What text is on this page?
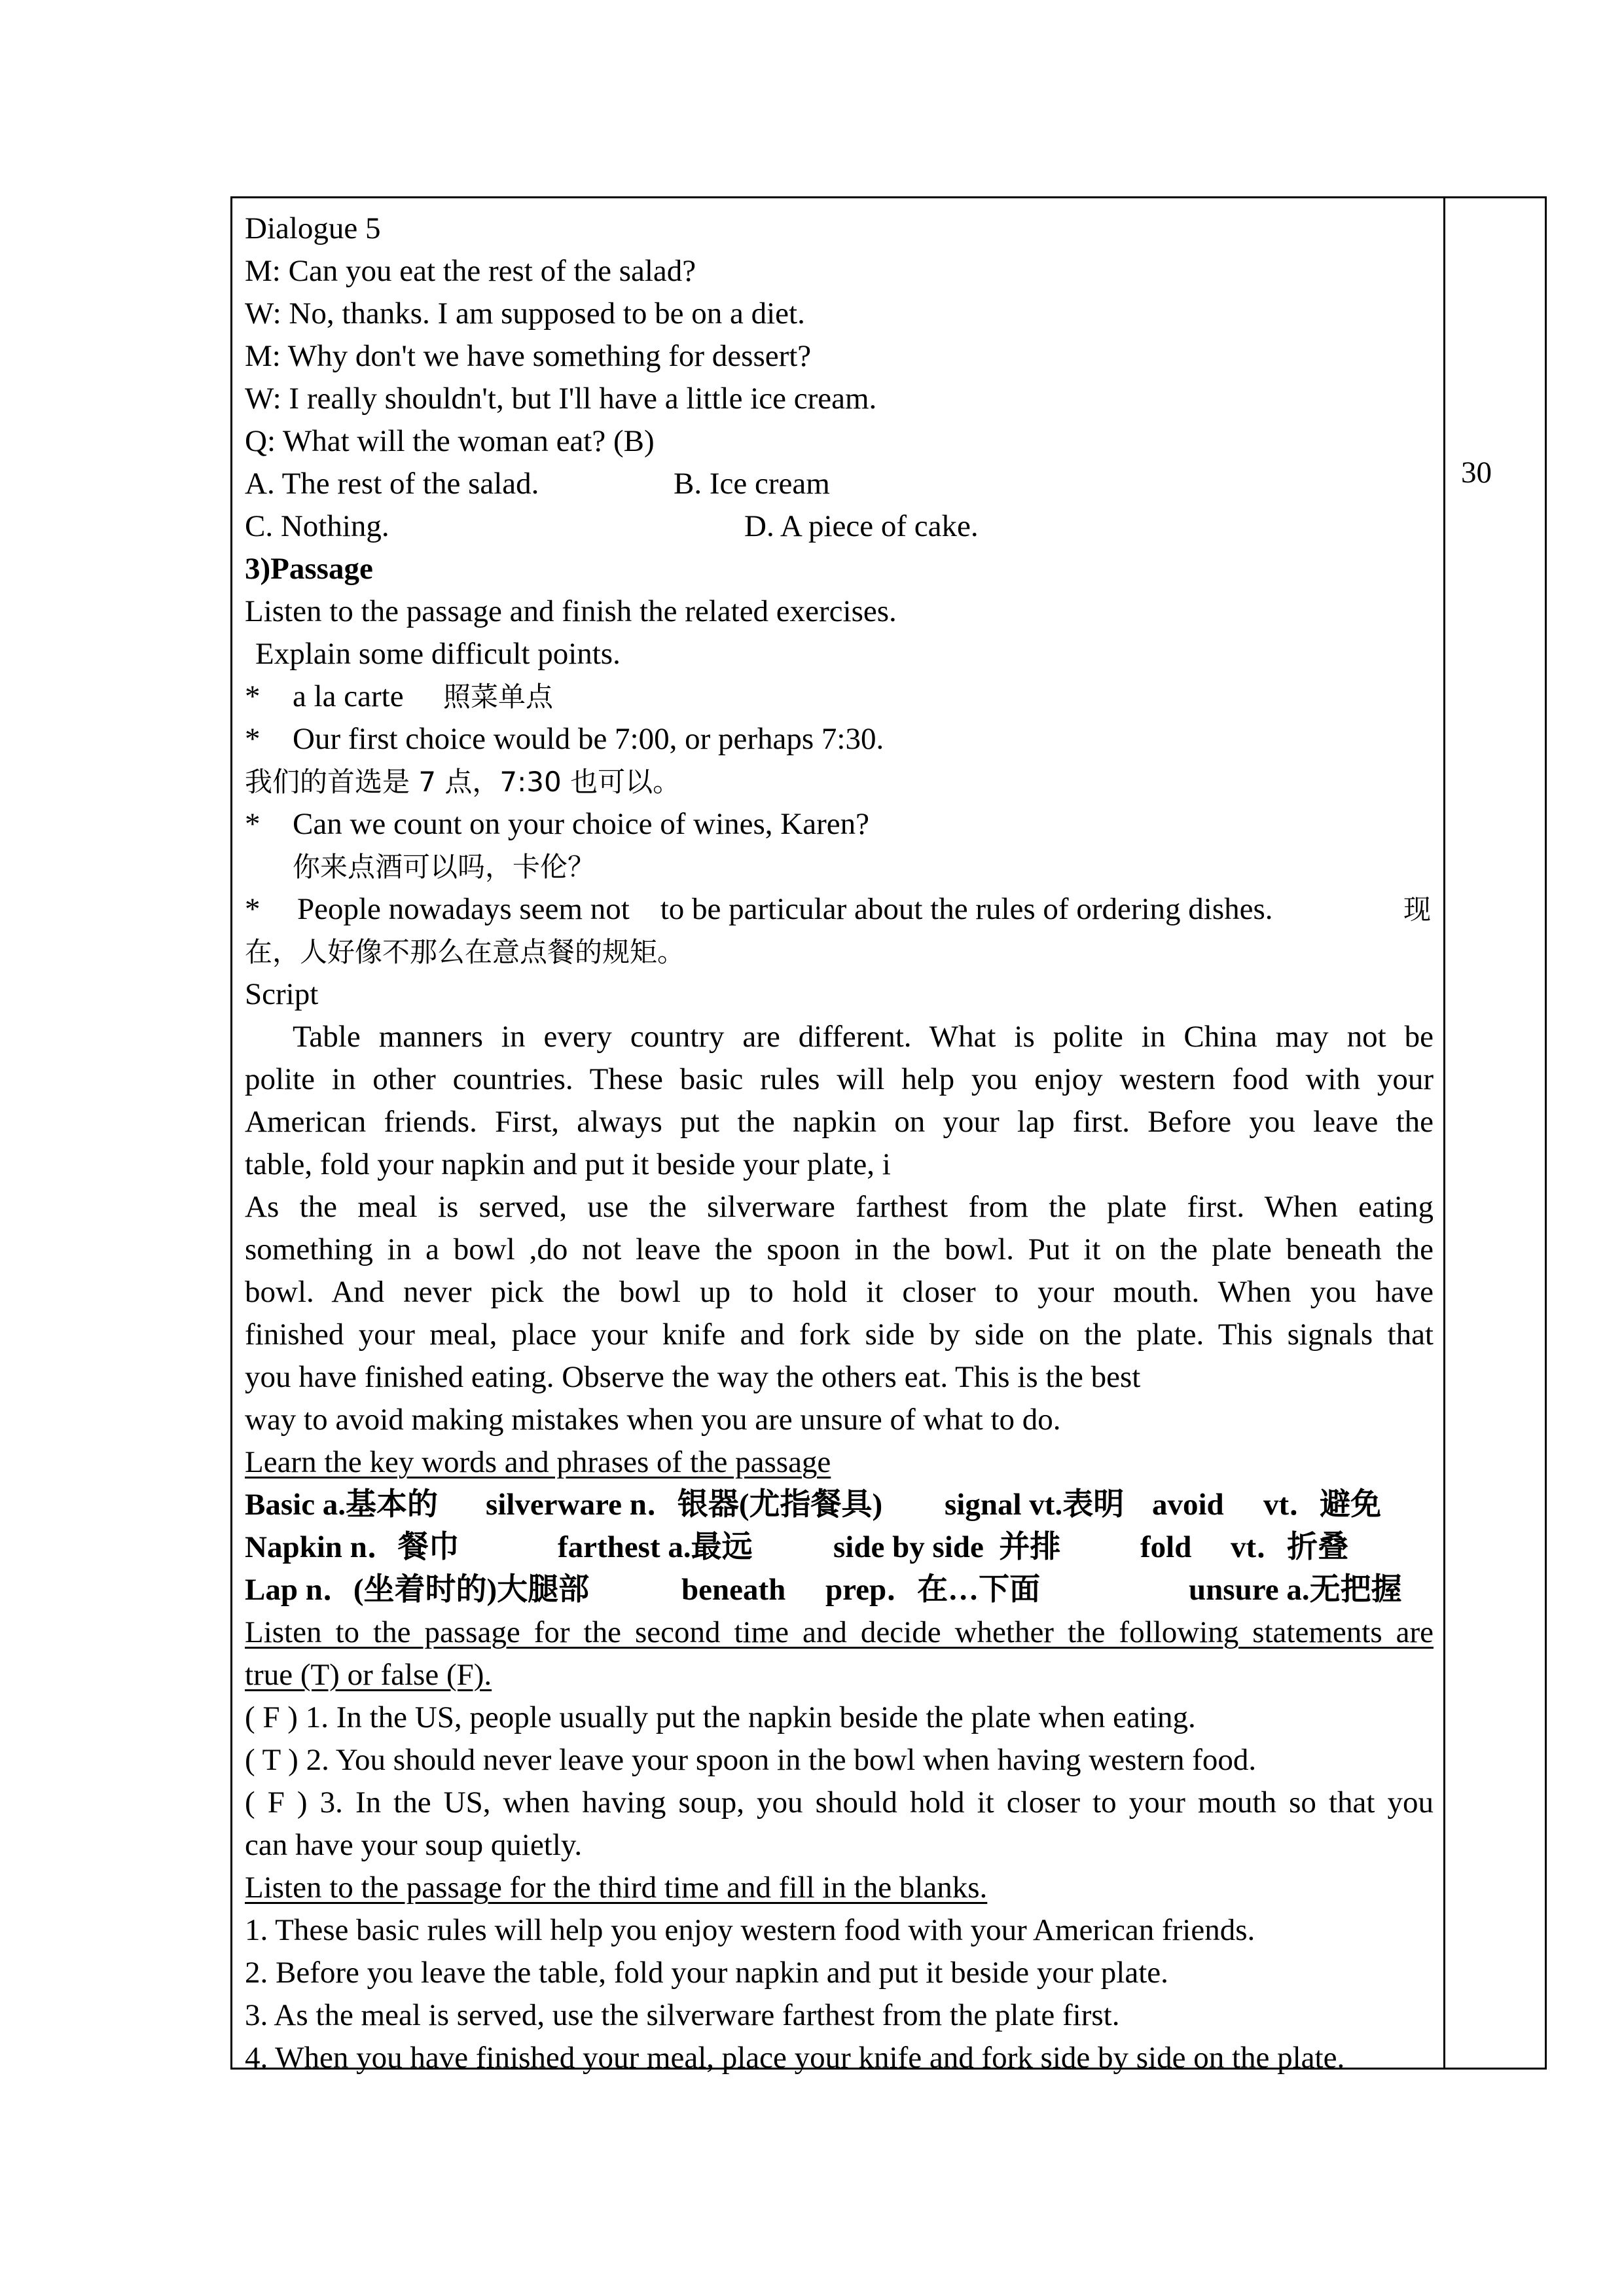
30
Dialogue 5
M: Can you eat the rest of the salad?
W: No, thanks. I am supposed to be on a diet.
M: Why don't we have something for dessert?
W: I really shouldn't, but I'll have a little ice cream.
Q: What will the woman eat? (B)
A. The rest of the salad.	B. Ice cream
C. Nothing.	D. A piece of cake.
3)Passage
Listen to the passage and finish the related exercises.
Explain some difficult points.
* a la carte 照菜单点
* Our first choice would be 7:00, or perhaps 7:30.
我们的首选是 7 点，7:30 也可以。
* Can we count on your choice of wines, Karen?
你来点酒可以吗，卡伦？
* People nowadays seem not    to be particular about the rules of ordering dishes.	现
在，人好像不那么在意点餐的规矩。
Script
Table manners in every country are different. What is polite in China may not be
polite in other countries. These basic rules will help you enjoy western food with your
American friends. First, always put the napkin on your lap first. Before you leave the
table, fold your napkin and put it beside your plate, i
As the meal is served, use the silverware farthest from the plate first. When eating
something in a bowl ,do not leave the spoon in the bowl. Put it on the plate beneath the
bowl. And never pick the bowl up to hold it closer to your mouth. When you have
finished your meal, place your knife and fork side by side on the plate. This signals that
you have finished eating. Observe the way the others eat. This is the best
way to avoid making mistakes when you are unsure of what to do.
Learn the key words and phrases of the passage
Basic a.基本的 silverware n．银器(尤指餐具) signal vt.表明 avoid vt．避免
Napkin n．餐巾	farthest a.最远	side by side  并排	fold vt．折叠
Lap n．(坐着时的)大腿部	beneath prep．在…下面	unsure a.无把握
Listen to the passage for the second time and decide whether the following statements are
true (T) or false (F).
( F ) 1. In the US, people usually put the napkin beside the plate when eating.
( T ) 2. You should never leave your spoon in the bowl when having western food.
( F ) 3. In the US, when having soup, you should hold it closer to your mouth so that you
can have your soup quietly.
Listen to the passage for the third time and fill in the blanks.
1. These basic rules will help you enjoy western food with your American friends.
2. Before you leave the table, fold your napkin and put it beside your plate.
3. As the meal is served, use the silverware farthest from the plate first.
4. When you have finished your meal, place your knife and fork side by side on the plate.
